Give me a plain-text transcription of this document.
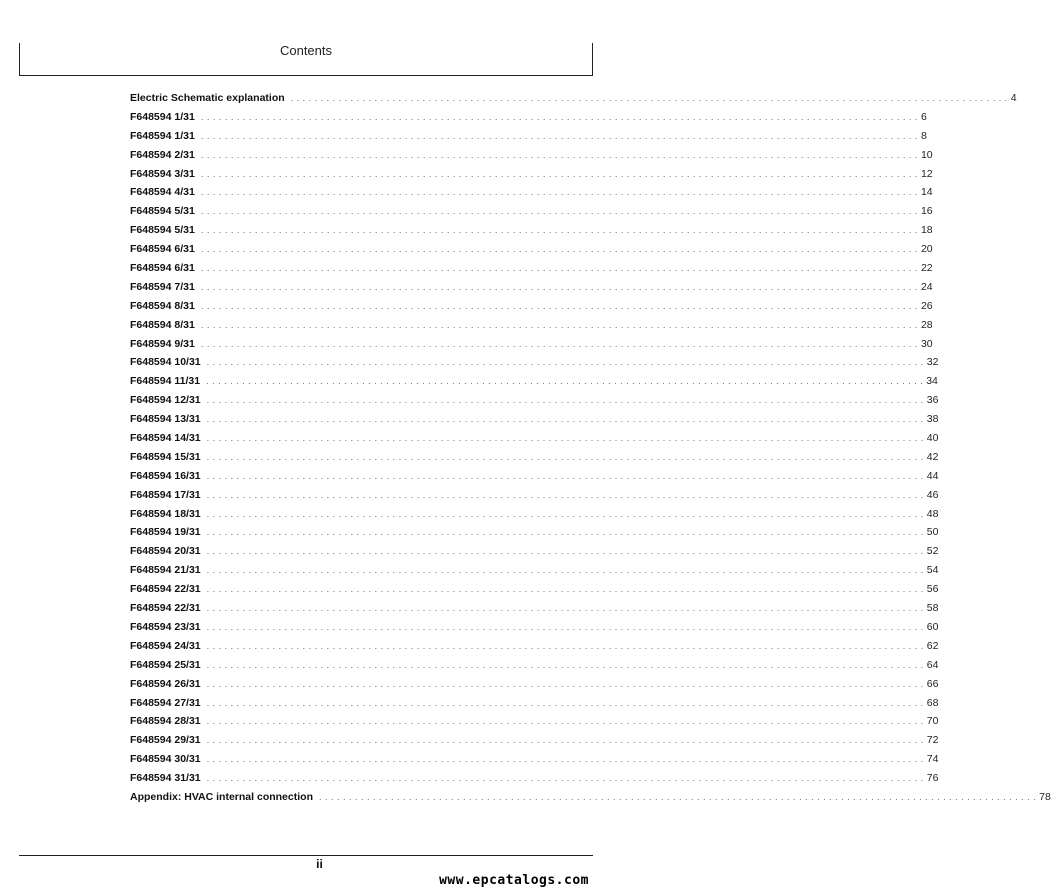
Contents
Electric Schematic explanation . . . . . . . . . . . . . . . . . . . . . . . . . . . . . . . . . . . . . . . . . . . . . . . . . . . . . . . . . . . . . . . . . . . . . . . . . . . . . . . . . . . . . . . . . . . . . . . . . . . . . . . . . . . . . . . . . . . . . . . . 4
F648594 1/31 . . . . . . . . . . . . . . . . . . . . . . . . . . . . . . . . . . . . . . . . . . . . . . . . . . . . . . . . . . . . . . . . . . . . . . . . . . . . . . . . . . . . . . . . . . . . . . . . . . . . . . . . . . . . . . . . . . . . . . . . 6
F648594 1/31 . . . . . . . . . . . . . . . . . . . . . . . . . . . . . . . . . . . . . . . . . . . . . . . . . . . . . . . . . . . . . . . . . . . . . . . . . . . . . . . . . . . . . . . . . . . . . . . . . . . . . . . . . . . . . . . . . . . . . . . . 8
F648594 2/31 . . . . . . . . . . . . . . . . . . . . . . . . . . . . . . . . . . . . . . . . . . . . . . . . . . . . . . . . . . . . . . . . . . . . . . . . . . . . . . . . . . . . . . . . . . . . . . . . . . . . . . . . . . . . . . . . . . . . . . . . 10
F648594 3/31 . . . . . . . . . . . . . . . . . . . . . . . . . . . . . . . . . . . . . . . . . . . . . . . . . . . . . . . . . . . . . . . . . . . . . . . . . . . . . . . . . . . . . . . . . . . . . . . . . . . . . . . . . . . . . . . . . . . . . . . . 12
F648594 4/31 . . . . . . . . . . . . . . . . . . . . . . . . . . . . . . . . . . . . . . . . . . . . . . . . . . . . . . . . . . . . . . . . . . . . . . . . . . . . . . . . . . . . . . . . . . . . . . . . . . . . . . . . . . . . . . . . . . . . . . . . 14
F648594 5/31 . . . . . . . . . . . . . . . . . . . . . . . . . . . . . . . . . . . . . . . . . . . . . . . . . . . . . . . . . . . . . . . . . . . . . . . . . . . . . . . . . . . . . . . . . . . . . . . . . . . . . . . . . . . . . . . . . . . . . . . . 16
F648594 5/31 . . . . . . . . . . . . . . . . . . . . . . . . . . . . . . . . . . . . . . . . . . . . . . . . . . . . . . . . . . . . . . . . . . . . . . . . . . . . . . . . . . . . . . . . . . . . . . . . . . . . . . . . . . . . . . . . . . . . . . . . 18
F648594 6/31 . . . . . . . . . . . . . . . . . . . . . . . . . . . . . . . . . . . . . . . . . . . . . . . . . . . . . . . . . . . . . . . . . . . . . . . . . . . . . . . . . . . . . . . . . . . . . . . . . . . . . . . . . . . . . . . . . . . . . . . . 20
F648594 6/31 . . . . . . . . . . . . . . . . . . . . . . . . . . . . . . . . . . . . . . . . . . . . . . . . . . . . . . . . . . . . . . . . . . . . . . . . . . . . . . . . . . . . . . . . . . . . . . . . . . . . . . . . . . . . . . . . . . . . . . . . 22
F648594 7/31 . . . . . . . . . . . . . . . . . . . . . . . . . . . . . . . . . . . . . . . . . . . . . . . . . . . . . . . . . . . . . . . . . . . . . . . . . . . . . . . . . . . . . . . . . . . . . . . . . . . . . . . . . . . . . . . . . . . . . . . . 24
F648594 8/31 . . . . . . . . . . . . . . . . . . . . . . . . . . . . . . . . . . . . . . . . . . . . . . . . . . . . . . . . . . . . . . . . . . . . . . . . . . . . . . . . . . . . . . . . . . . . . . . . . . . . . . . . . . . . . . . . . . . . . . . . 26
F648594 8/31 . . . . . . . . . . . . . . . . . . . . . . . . . . . . . . . . . . . . . . . . . . . . . . . . . . . . . . . . . . . . . . . . . . . . . . . . . . . . . . . . . . . . . . . . . . . . . . . . . . . . . . . . . . . . . . . . . . . . . . . . 28
F648594 9/31 . . . . . . . . . . . . . . . . . . . . . . . . . . . . . . . . . . . . . . . . . . . . . . . . . . . . . . . . . . . . . . . . . . . . . . . . . . . . . . . . . . . . . . . . . . . . . . . . . . . . . . . . . . . . . . . . . . . . . . . . 30
F648594 10/31 . . . . . . . . . . . . . . . . . . . . . . . . . . . . . . . . . . . . . . . . . . . . . . . . . . . . . . . . . . . . . . . . . . . . . . . . . . . . . . . . . . . . . . . . . . . . . . . . . . . . . . . . . . . . . . . . . . . . . . . . 32
F648594 11/31 . . . . . . . . . . . . . . . . . . . . . . . . . . . . . . . . . . . . . . . . . . . . . . . . . . . . . . . . . . . . . . . . . . . . . . . . . . . . . . . . . . . . . . . . . . . . . . . . . . . . . . . . . . . . . . . . . . . . . . . . 34
F648594 12/31 . . . . . . . . . . . . . . . . . . . . . . . . . . . . . . . . . . . . . . . . . . . . . . . . . . . . . . . . . . . . . . . . . . . . . . . . . . . . . . . . . . . . . . . . . . . . . . . . . . . . . . . . . . . . . . . . . . . . . . . . 36
F648594 13/31 . . . . . . . . . . . . . . . . . . . . . . . . . . . . . . . . . . . . . . . . . . . . . . . . . . . . . . . . . . . . . . . . . . . . . . . . . . . . . . . . . . . . . . . . . . . . . . . . . . . . . . . . . . . . . . . . . . . . . . . . 38
F648594 14/31 . . . . . . . . . . . . . . . . . . . . . . . . . . . . . . . . . . . . . . . . . . . . . . . . . . . . . . . . . . . . . . . . . . . . . . . . . . . . . . . . . . . . . . . . . . . . . . . . . . . . . . . . . . . . . . . . . . . . . . . . 40
F648594 15/31 . . . . . . . . . . . . . . . . . . . . . . . . . . . . . . . . . . . . . . . . . . . . . . . . . . . . . . . . . . . . . . . . . . . . . . . . . . . . . . . . . . . . . . . . . . . . . . . . . . . . . . . . . . . . . . . . . . . . . . . . 42
F648594 16/31 . . . . . . . . . . . . . . . . . . . . . . . . . . . . . . . . . . . . . . . . . . . . . . . . . . . . . . . . . . . . . . . . . . . . . . . . . . . . . . . . . . . . . . . . . . . . . . . . . . . . . . . . . . . . . . . . . . . . . . . . 44
F648594 17/31 . . . . . . . . . . . . . . . . . . . . . . . . . . . . . . . . . . . . . . . . . . . . . . . . . . . . . . . . . . . . . . . . . . . . . . . . . . . . . . . . . . . . . . . . . . . . . . . . . . . . . . . . . . . . . . . . . . . . . . . . 46
F648594 18/31 . . . . . . . . . . . . . . . . . . . . . . . . . . . . . . . . . . . . . . . . . . . . . . . . . . . . . . . . . . . . . . . . . . . . . . . . . . . . . . . . . . . . . . . . . . . . . . . . . . . . . . . . . . . . . . . . . . . . . . . . 48
F648594 19/31 . . . . . . . . . . . . . . . . . . . . . . . . . . . . . . . . . . . . . . . . . . . . . . . . . . . . . . . . . . . . . . . . . . . . . . . . . . . . . . . . . . . . . . . . . . . . . . . . . . . . . . . . . . . . . . . . . . . . . . . . 50
F648594 20/31 . . . . . . . . . . . . . . . . . . . . . . . . . . . . . . . . . . . . . . . . . . . . . . . . . . . . . . . . . . . . . . . . . . . . . . . . . . . . . . . . . . . . . . . . . . . . . . . . . . . . . . . . . . . . . . . . . . . . . . . . 52
F648594 21/31 . . . . . . . . . . . . . . . . . . . . . . . . . . . . . . . . . . . . . . . . . . . . . . . . . . . . . . . . . . . . . . . . . . . . . . . . . . . . . . . . . . . . . . . . . . . . . . . . . . . . . . . . . . . . . . . . . . . . . . . . 54
F648594 22/31 . . . . . . . . . . . . . . . . . . . . . . . . . . . . . . . . . . . . . . . . . . . . . . . . . . . . . . . . . . . . . . . . . . . . . . . . . . . . . . . . . . . . . . . . . . . . . . . . . . . . . . . . . . . . . . . . . . . . . . . . 56
F648594 22/31 . . . . . . . . . . . . . . . . . . . . . . . . . . . . . . . . . . . . . . . . . . . . . . . . . . . . . . . . . . . . . . . . . . . . . . . . . . . . . . . . . . . . . . . . . . . . . . . . . . . . . . . . . . . . . . . . . . . . . . . . 58
F648594 23/31 . . . . . . . . . . . . . . . . . . . . . . . . . . . . . . . . . . . . . . . . . . . . . . . . . . . . . . . . . . . . . . . . . . . . . . . . . . . . . . . . . . . . . . . . . . . . . . . . . . . . . . . . . . . . . . . . . . . . . . . . 60
F648594 24/31 . . . . . . . . . . . . . . . . . . . . . . . . . . . . . . . . . . . . . . . . . . . . . . . . . . . . . . . . . . . . . . . . . . . . . . . . . . . . . . . . . . . . . . . . . . . . . . . . . . . . . . . . . . . . . . . . . . . . . . . . 62
F648594 25/31 . . . . . . . . . . . . . . . . . . . . . . . . . . . . . . . . . . . . . . . . . . . . . . . . . . . . . . . . . . . . . . . . . . . . . . . . . . . . . . . . . . . . . . . . . . . . . . . . . . . . . . . . . . . . . . . . . . . . . . . . 64
F648594 26/31 . . . . . . . . . . . . . . . . . . . . . . . . . . . . . . . . . . . . . . . . . . . . . . . . . . . . . . . . . . . . . . . . . . . . . . . . . . . . . . . . . . . . . . . . . . . . . . . . . . . . . . . . . . . . . . . . . . . . . . . . 66
F648594 27/31 . . . . . . . . . . . . . . . . . . . . . . . . . . . . . . . . . . . . . . . . . . . . . . . . . . . . . . . . . . . . . . . . . . . . . . . . . . . . . . . . . . . . . . . . . . . . . . . . . . . . . . . . . . . . . . . . . . . . . . . . 68
F648594 28/31 . . . . . . . . . . . . . . . . . . . . . . . . . . . . . . . . . . . . . . . . . . . . . . . . . . . . . . . . . . . . . . . . . . . . . . . . . . . . . . . . . . . . . . . . . . . . . . . . . . . . . . . . . . . . . . . . . . . . . . . . 70
F648594 29/31 . . . . . . . . . . . . . . . . . . . . . . . . . . . . . . . . . . . . . . . . . . . . . . . . . . . . . . . . . . . . . . . . . . . . . . . . . . . . . . . . . . . . . . . . . . . . . . . . . . . . . . . . . . . . . . . . . . . . . . . . 72
F648594 30/31 . . . . . . . . . . . . . . . . . . . . . . . . . . . . . . . . . . . . . . . . . . . . . . . . . . . . . . . . . . . . . . . . . . . . . . . . . . . . . . . . . . . . . . . . . . . . . . . . . . . . . . . . . . . . . . . . . . . . . . . . 74
F648594 31/31 . . . . . . . . . . . . . . . . . . . . . . . . . . . . . . . . . . . . . . . . . . . . . . . . . . . . . . . . . . . . . . . . . . . . . . . . . . . . . . . . . . . . . . . . . . . . . . . . . . . . . . . . . . . . . . . . . . . . . . . . 76
Appendix: HVAC internal connection . . . . . . . . . . . . . . . . . . . . . . . . . . . . . . . . . . . . . . . . . . . . . . . . . . . . . . . . . . . . . . . . . . . . . . . . . . . . . . . . . . . . . . . . . . . . . . . . . . . . . . . . . . . . . . . . . . . . . . . . 78
ii
www.epcatalogs.com
